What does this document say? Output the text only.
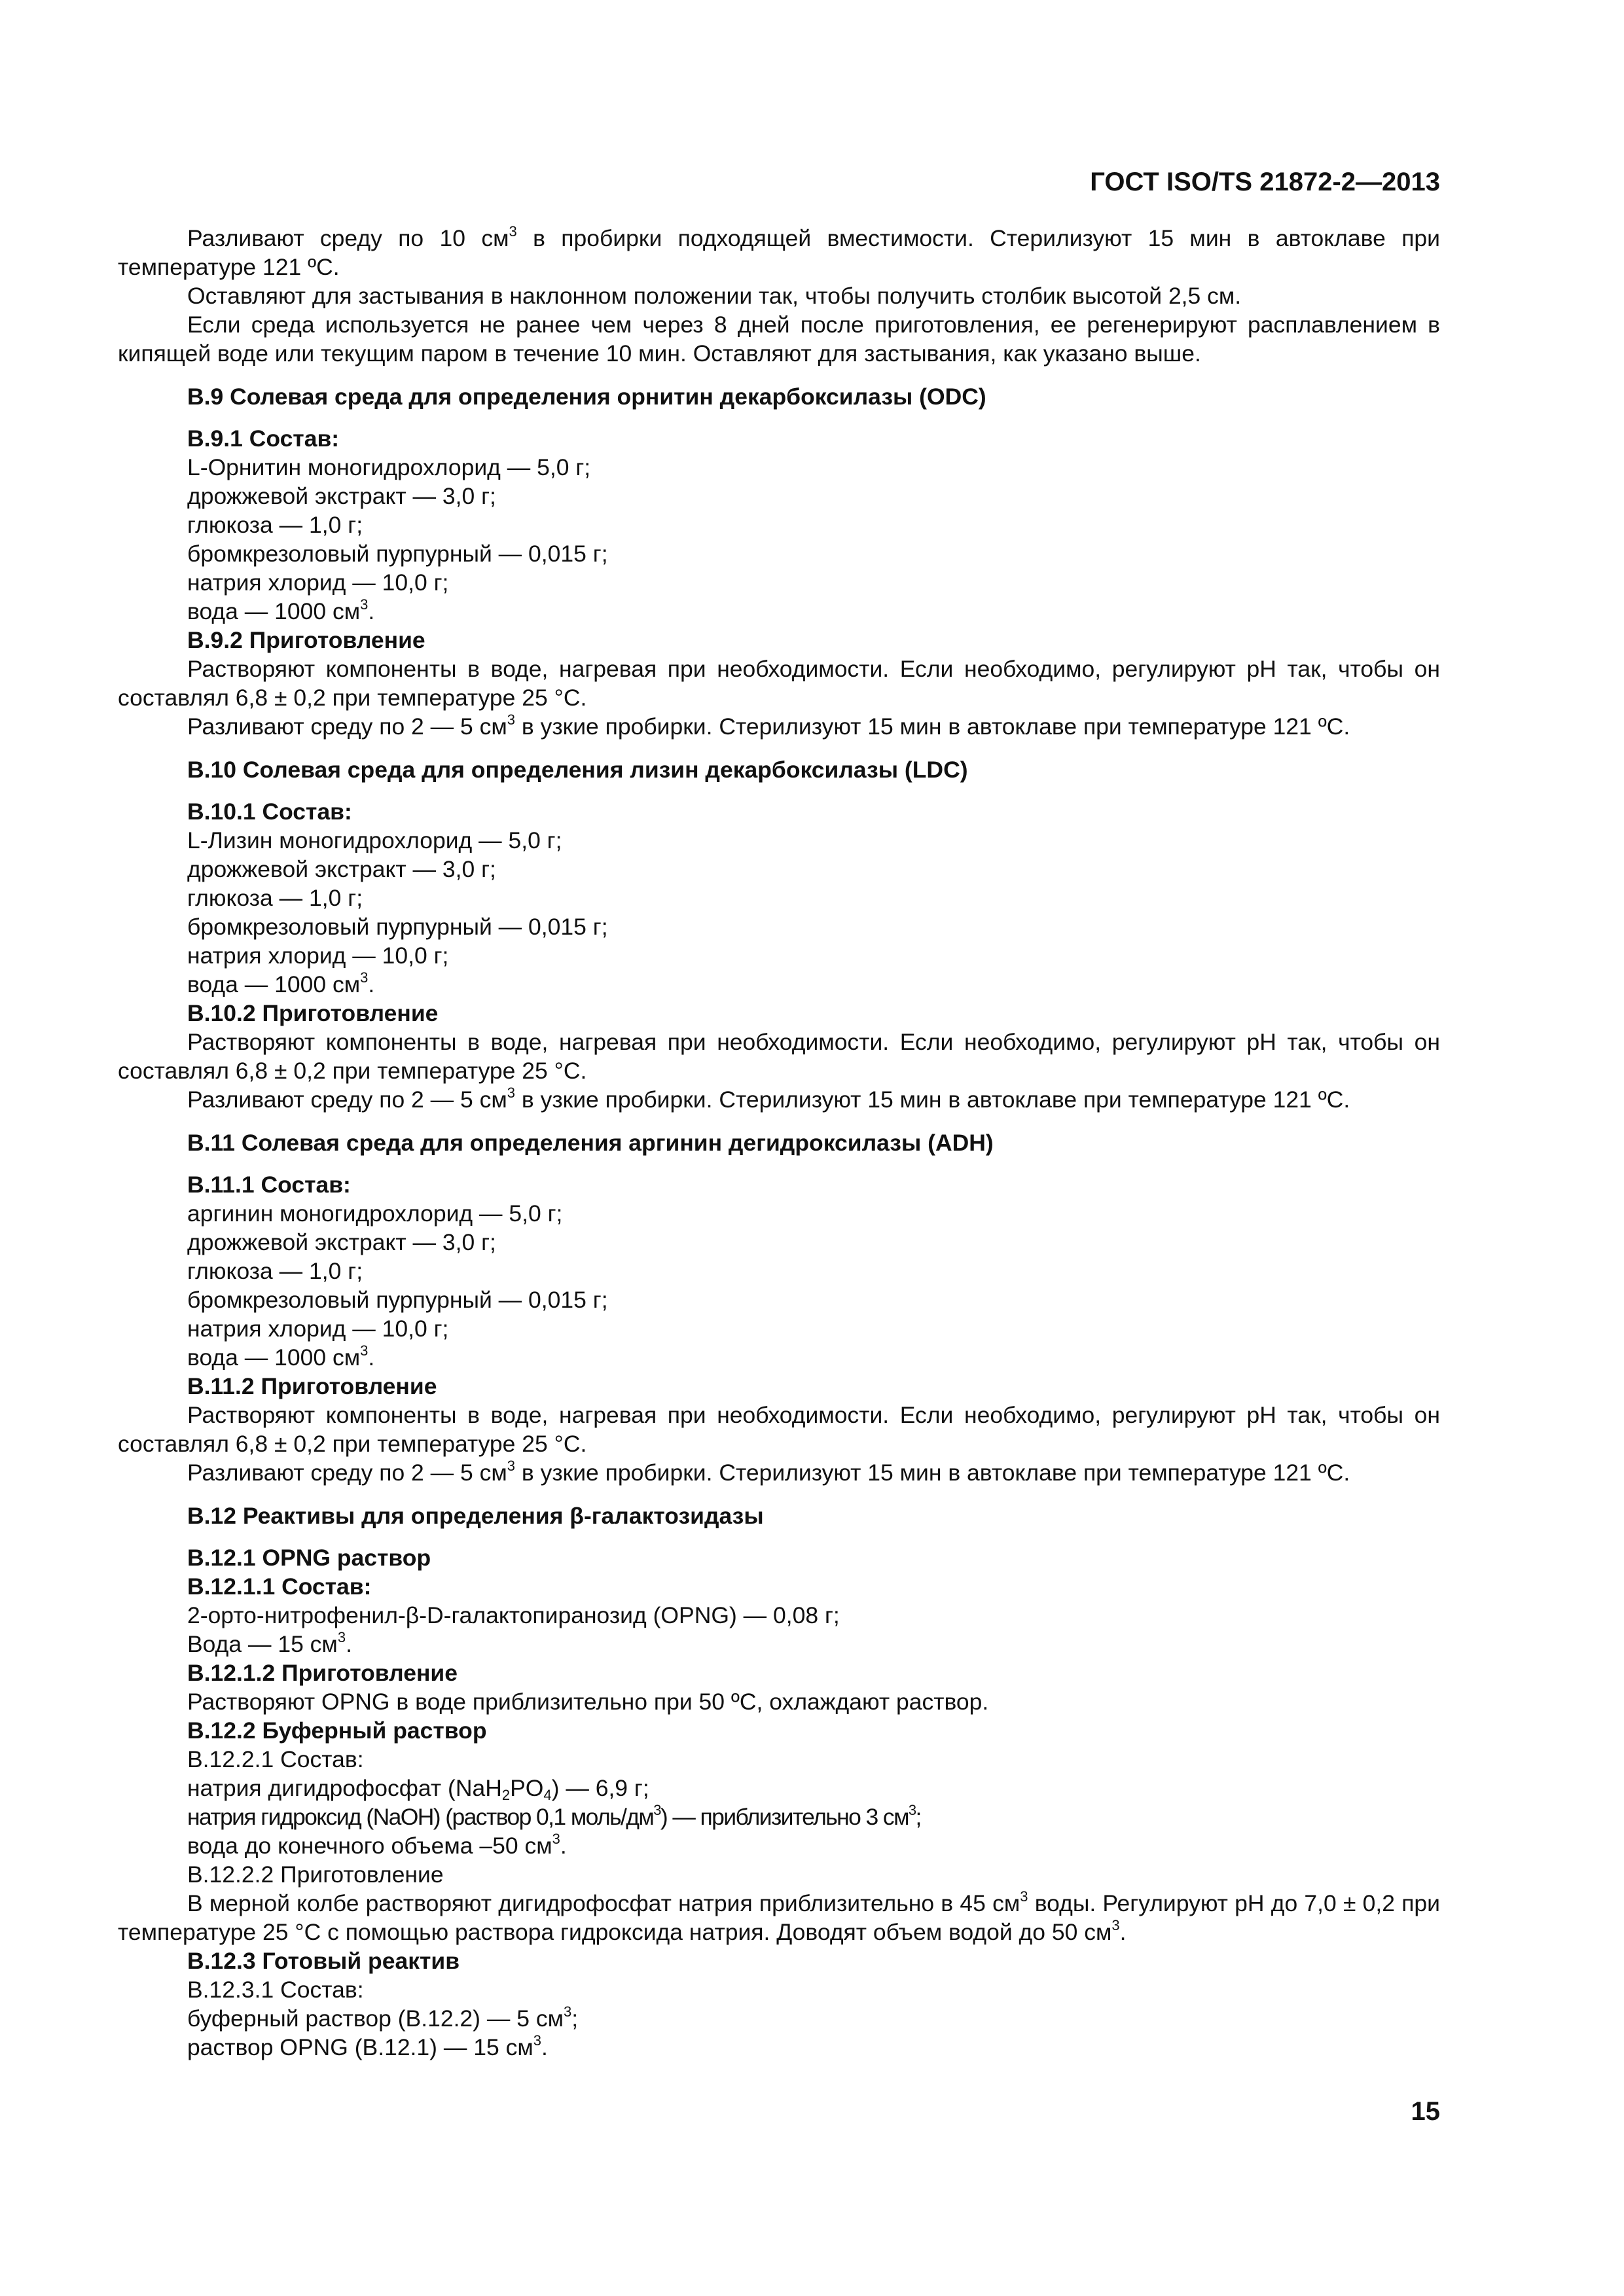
ГОСТ ISO/TS 21872-2—2013

Разливают среду по 10 $см^3$ в пробирки подходящей вместимости. Стерилизуют 15 мин в автоклаве при температуре 121 ºС.

Оставляют для застывания в наклонном положении так, чтобы получить столбик высотой 2,5 см.

Если среда используется не ранее чем через 8 дней после приготовления, ее регенерируют расплавлением в кипящей воде или текущим паром в течение 10 мин. Оставляют для застывания, как указано выше.

В.9 Солевая среда для определения орнитин декарбоксилазы (ODC)

В.9.1 Состав:

L-Орнитин моногидрохлорид — 5,0 г;

дрожжевой экстракт — 3,0 г;

глюкоза — 1,0 г;

бромкрезоловый пурпурный — 0,015 г;

натрия хлорид — 10,0 г;

вода — 1000 $см^3$.

В.9.2 Приготовление

Растворяют компоненты в воде, нагревая при необходимости. Если необходимо, регулируют pH так, чтобы он составлял 6,8 ± 0,2 при температуре 25 °С.

Разливают среду по 2 — 5 $см^3$ в узкие пробирки. Стерилизуют 15 мин в автоклаве при температуре 121 ºС.

В.10 Солевая среда для определения лизин декарбоксилазы (LDC)

В.10.1 Состав:

L-Лизин моногидрохлорид — 5,0 г;

дрожжевой экстракт — 3,0 г;

глюкоза — 1,0 г;

бромкрезоловый пурпурный — 0,015 г;

натрия хлорид — 10,0 г;

вода — 1000 $см^3$.

В.10.2 Приготовление

Растворяют компоненты в воде, нагревая при необходимости. Если необходимо, регулируют pH так, чтобы он составлял 6,8 ± 0,2 при температуре 25 °С.

Разливают среду по 2 — 5 $см^3$ в узкие пробирки. Стерилизуют 15 мин в автоклаве при температуре 121 ºС.

В.11 Солевая среда для определения аргинин дегидроксилазы (ADH)

В.11.1 Состав:

аргинин моногидрохлорид — 5,0 г;

дрожжевой экстракт — 3,0 г;

глюкоза — 1,0 г;

бромкрезоловый пурпурный — 0,015 г;

натрия хлорид — 10,0 г;

вода — 1000 $см^3$.

В.11.2 Приготовление

Растворяют компоненты в воде, нагревая при необходимости. Если необходимо, регулируют pH так, чтобы он составлял 6,8 ± 0,2 при температуре 25 °С.

Разливают среду по 2 — 5 $см^3$ в узкие пробирки. Стерилизуют 15 мин в автоклаве при температуре 121 ºС.

В.12 Реактивы для определения β-галактозидазы

В.12.1 OPNG раствор

В.12.1.1 Состав:

2-орто-нитрофенил-β-D-галактопиранозид (OPNG) — 0,08 г;

Вода — 15 $см^3$.

В.12.1.2 Приготовление

Растворяют OPNG в воде приблизительно при 50 ºС, охлаждают раствор.

В.12.2 Буферный раствор

В.12.2.1 Состав:

натрия дигидрофосфат $(NaH_2PO_4)$ — 6,9 г;

натрия гидроксид (NaOH) (раствор 0,1 моль/$дм^3$) — приблизительно 3 $см^3$;

вода до конечного объема –50 $см^3$.

В.12.2.2 Приготовление

В мерной колбе растворяют дигидрофосфат натрия приблизительно в 45 $см^3$ воды. Регулируют pH до 7,0 ± 0,2 при температуре 25 °С с помощью раствора гидроксида натрия. Доводят объем водой до 50 $см^3$.

В.12.3 Готовый реактив

В.12.3.1 Состав:

буферный раствор (В.12.2) — 5 $см^3$;

раствор OPNG (В.12.1) — 15 $см^3$.

15
